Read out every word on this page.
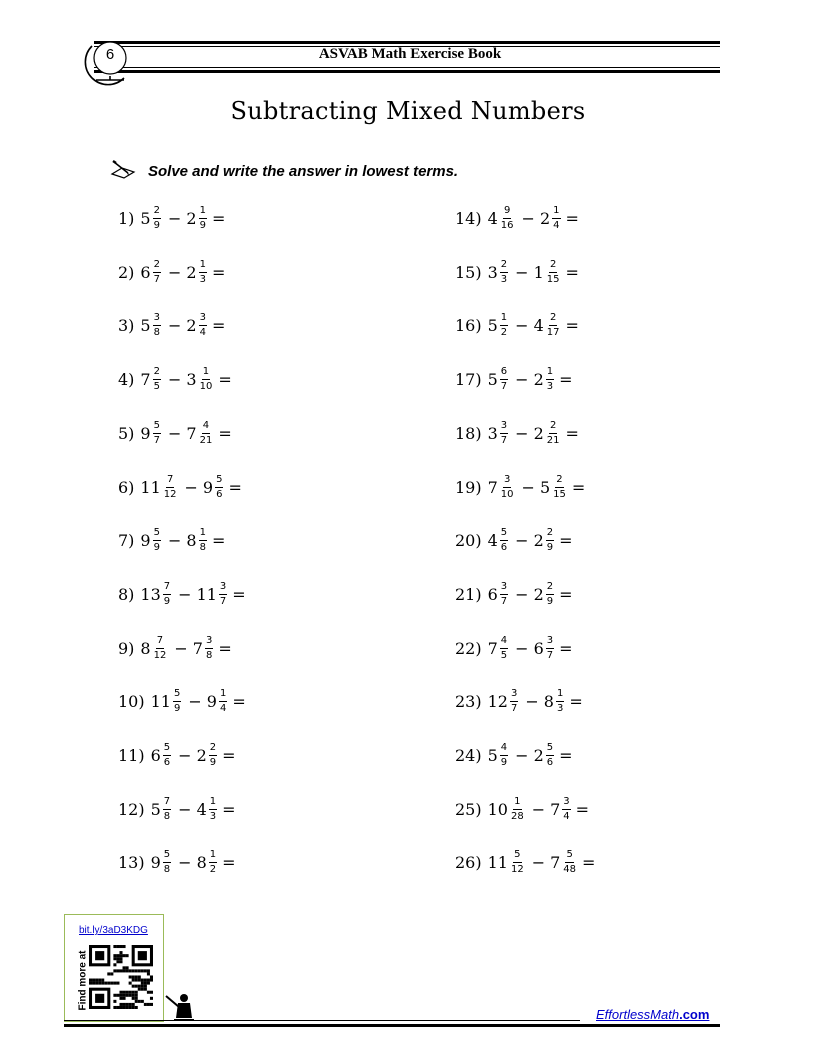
6	ASVAB Math Exercise Book
Subtracting Mixed Numbers
Solve and write the answer in lowest terms.
1) $5 \frac{2}{9} - 2 \frac{1}{9}$ =
2) $6 \frac{2}{7} - 2 \frac{1}{3}$ =
3) $5 \frac{3}{8} - 2 \frac{3}{4}$ =
4) $7 \frac{2}{5} - 3 \frac{1}{10}$ =
5) $9 \frac{5}{7} - 7 \frac{4}{21}$ =
6) $11 \frac{7}{12} - 9 \frac{5}{6}$ =
7) $9 \frac{5}{9} - 8 \frac{1}{8}$ =
8) $13 \frac{7}{9} - 11 \frac{3}{7}$ =
9) $8 \frac{7}{12} - 7 \frac{3}{8}$ =
10) $11 \frac{5}{9} - 9 \frac{1}{4}$ =
11) $6 \frac{5}{6} - 2 \frac{2}{9}$ =
12) $5 \frac{7}{8} - 4 \frac{1}{3}$ =
13) $9 \frac{5}{8} - 8 \frac{1}{2}$ =
14) $4 \frac{9}{16} - 2 \frac{1}{4}$ =
15) $3 \frac{2}{3} - 1 \frac{2}{15}$ =
16) $5 \frac{1}{2} - 4 \frac{2}{17}$ =
17) $5 \frac{6}{7} - 2 \frac{1}{3}$ =
18) $3 \frac{3}{7} - 2 \frac{2}{21}$ =
19) $7 \frac{3}{10} - 5 \frac{2}{15}$ =
20) $4 \frac{5}{6} - 2 \frac{2}{9}$ =
21) $6 \frac{3}{7} - 2 \frac{2}{9}$ =
22) $7 \frac{4}{5} - 6 \frac{3}{7}$ =
23) $12 \frac{3}{7} - 8 \frac{1}{3}$ =
24) $5 \frac{4}{9} - 2 \frac{5}{6}$ =
25) $10 \frac{1}{28} - 7 \frac{3}{4}$ =
26) $11 \frac{5}{12} - 7 \frac{5}{48}$ =
bit.ly/3aD3KDG
Find more at
EffortlessMath.com
